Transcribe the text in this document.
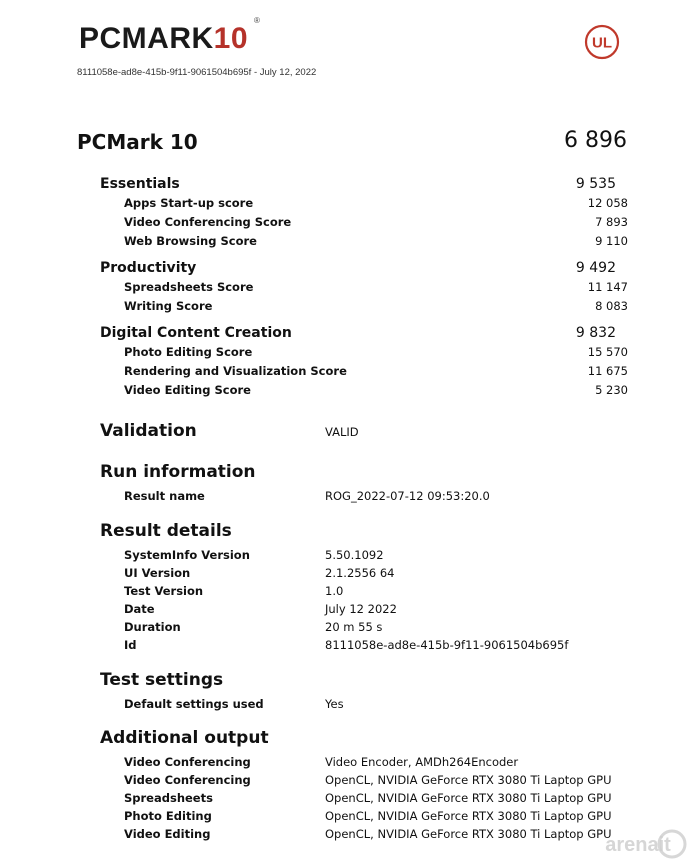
PCMARK10
®
UL
8111058e-ad8e-415b-9f11-9061504b695f - July 12, 2022
PCMark 10	6 896
Essentials	9 535
Apps Start-up score	12 058
Video Conferencing Score	7 893
Web Browsing Score	9 110
Productivity	9 492
Spreadsheets Score	11 147
Writing Score	8 083
Digital Content Creation	9 832
Photo Editing Score	15 570
Rendering and Visualization Score	11 675
Video Editing Score	5 230
Validation	VALID
Run information
Result name	ROG_2022-07-12 09:53:20.0
Result details
SystemInfo Version	5.50.1092
UI Version	2.1.2556 64
Test Version	1.0
Date	July 12 2022
Duration	20 m 55 s
Id	8111058e-ad8e-415b-9f11-9061504b695f
Test settings
Default settings used	Yes
Additional output
Video Conferencing	Video Encoder, AMDh264Encoder
Video Conferencing	OpenCL, NVIDIA GeForce RTX 3080 Ti Laptop GPU
Spreadsheets	OpenCL, NVIDIA GeForce RTX 3080 Ti Laptop GPU
Photo Editing	OpenCL, NVIDIA GeForce RTX 3080 Ti Laptop GPU
Video Editing	OpenCL, NVIDIA GeForce RTX 3080 Ti Laptop GPU
arenait
